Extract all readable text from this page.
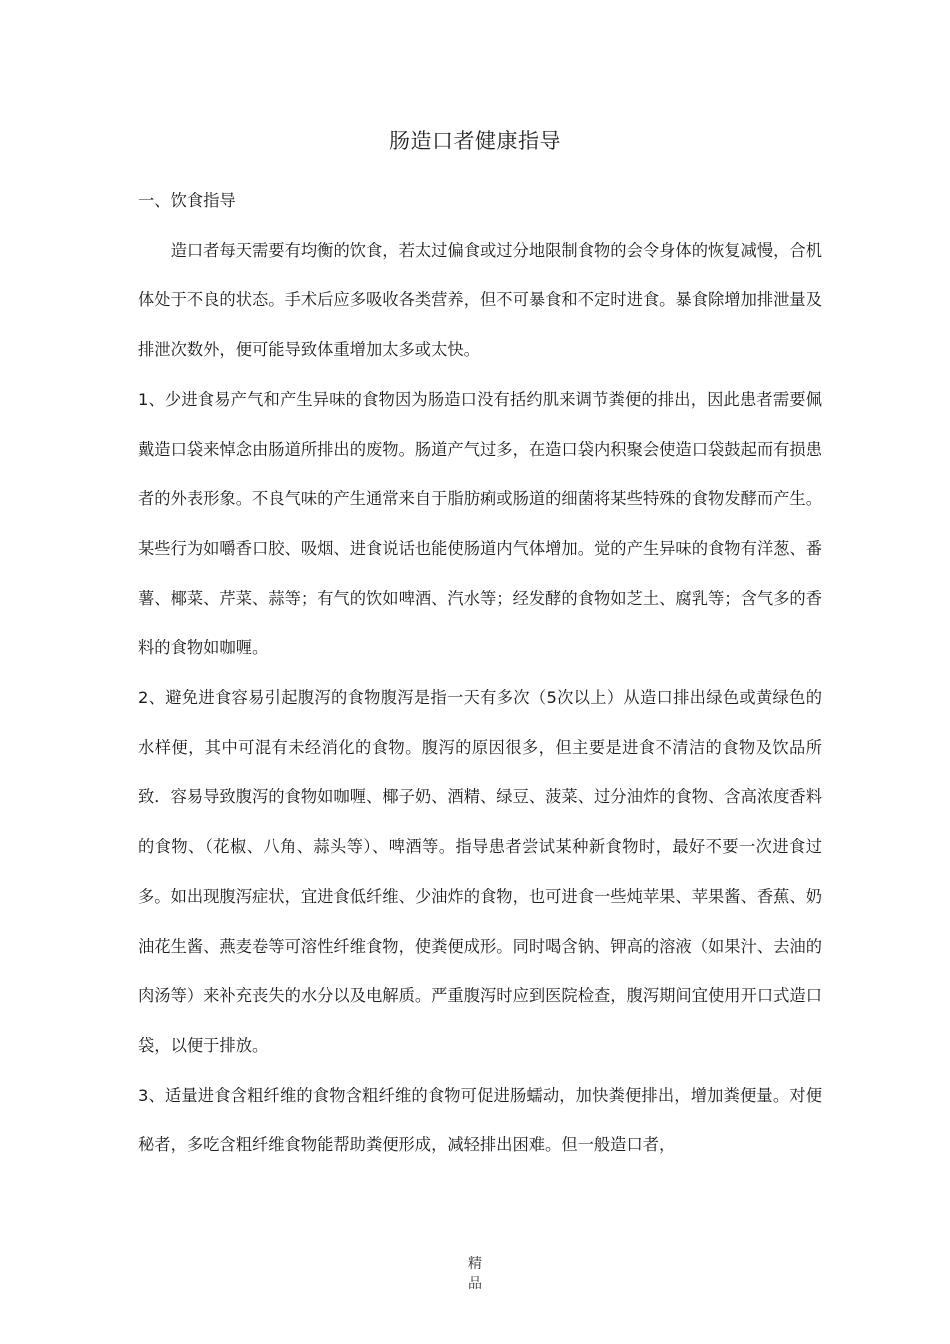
肠造口者健康指导

一、饮食指导

造口者每天需要有均衡的饮食，若太过偏食或过分地限制食物的会令身体的恢复减慢，合机体处于不良的状态。手术后应多吸收各类营养，但不可暴食和不定时进食。暴食除增加排泄量及排泄次数外，便可能导致体重增加太多或太快。

1、少进食易产气和产生异味的食物因为肠造口没有括约肌来调节粪便的排出，因此患者需要佩戴造口袋来悼念由肠道所排出的废物。肠道产气过多，在造口袋内积聚会使造口袋鼓起而有损患者的外表形象。不良气味的产生通常来自于脂肪痢或肠道的细菌将某些特殊的食物发酵而产生。某些行为如嚼香口胶、吸烟、进食说话也能使肠道内气体增加。觉的产生异味的食物有洋葱、番薯、椰菜、芹菜、蒜等；有气的饮如啤酒、汽水等；经发酵的食物如芝土、腐乳等；含气多的香料的食物如咖喱。

2、避免进食容易引起腹泻的食物腹泻是指一天有多次（5次以上）从造口排出绿色或黄绿色的水样便，其中可混有未经消化的食物。腹泻的原因很多，但主要是进食不清洁的食物及饮品所致．容易导致腹泻的食物如咖喱、椰子奶、酒精、绿豆、菠菜、过分油炸的食物、含高浓度香料的食物、（花椒、八角、蒜头等）、啤酒等。指导患者尝试某种新食物时，最好不要一次进食过多。如出现腹泻症状，宜进食低纤维、少油炸的食物，也可进食一些炖苹果、苹果酱、香蕉、奶油花生酱、燕麦卷等可溶性纤维食物，使粪便成形。同时喝含钠、钾高的溶液（如果汁、去油的肉汤等）来补充丧失的水分以及电解质。严重腹泻时应到医院检查，腹泻期间宜使用开口式造口袋，以便于排放。

3、适量进食含粗纤维的食物含粗纤维的食物可促进肠蠕动，加快粪便排出，增加粪便量。对便秘者，多吃含粗纤维食物能帮助粪便形成，减轻排出困难。但一般造口者，

精
品
